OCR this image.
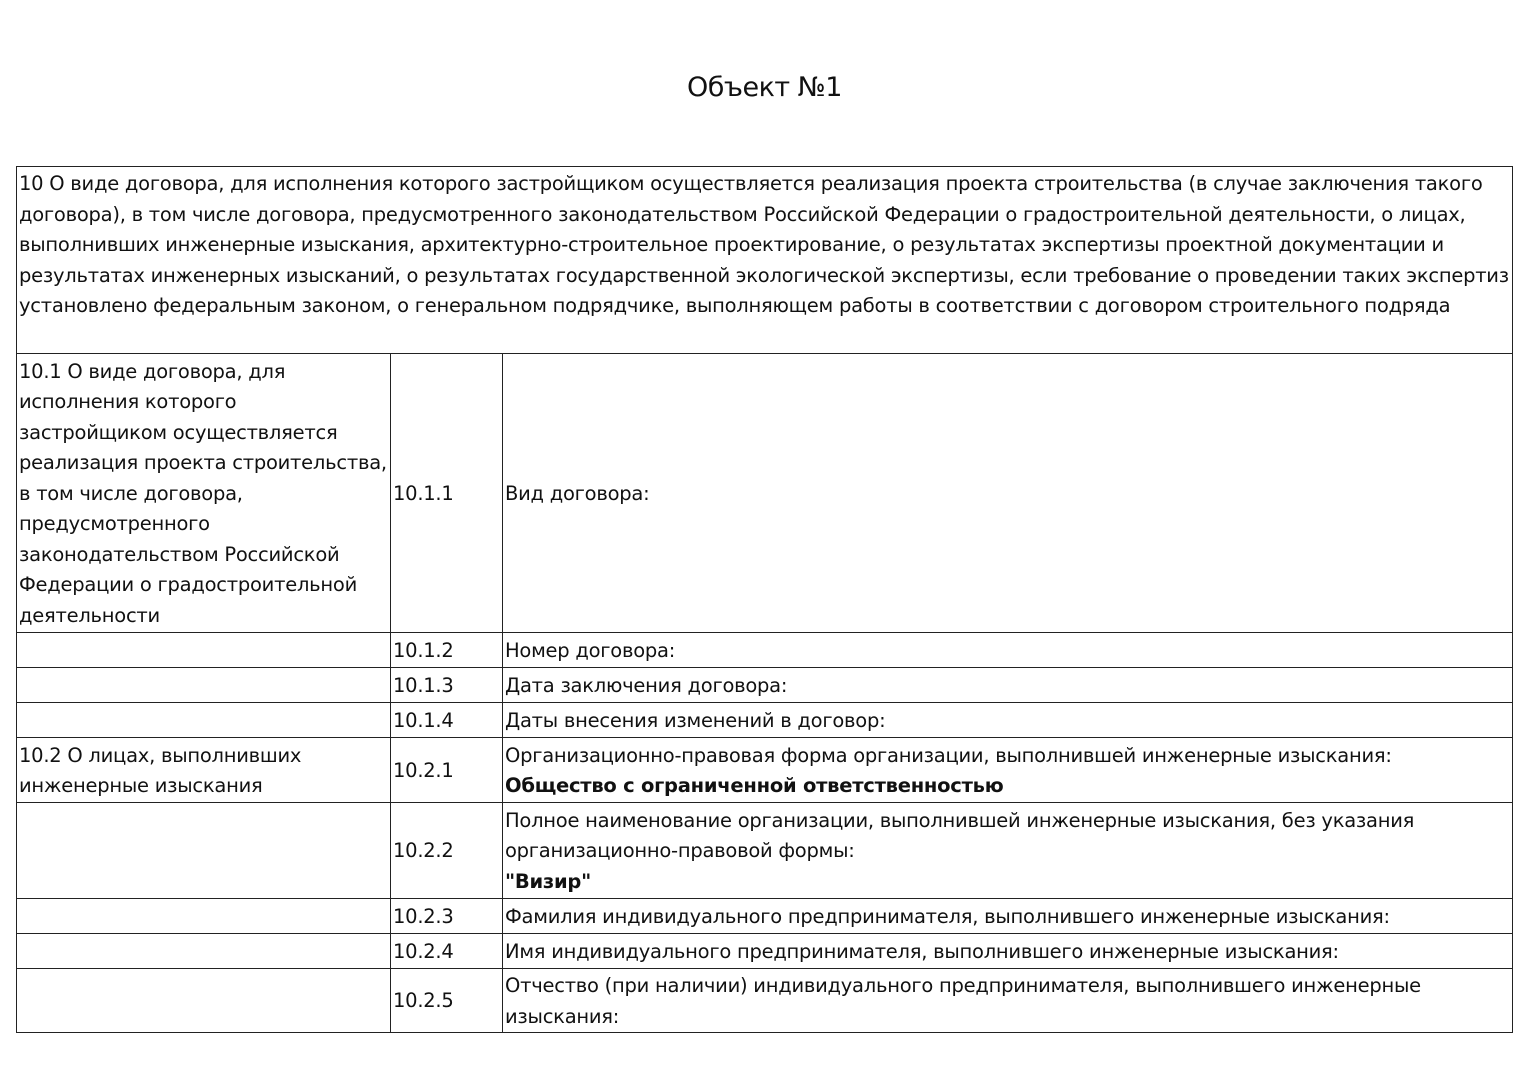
Объект №1
10 О виде договора, для исполнения которого застройщиком осуществляется реализация проекта строительства (в случае заключения такого договора), в том числе договора, предусмотренного законодательством Российской Федерации о градостроительной деятельности, о лицах, выполнивших инженерные изыскания, архитектурно-строительное проектирование, о результатах экспертизы проектной документации и результатах инженерных изысканий, о результатах государственной экологической экспертизы, если требование о проведении таких экспертиз установлено федеральным законом, о генеральном подрядчике, выполняющем работы в соответствии с договором строительного подряда		
10.1 О виде договора, для исполнения которого застройщиком осуществляется реализация проекта строительства, в том числе договора, предусмотренного законодательством Российской Федерации о градостроительной деятельности	10.1.1	Вид договора:
	10.1.2	Номер договора:
	10.1.3	Дата заключения договора:
	10.1.4	Даты внесения изменений в договор:
10.2 О лицах, выполнивших инженерные изыскания	10.2.1	Организационно-правовая форма организации, выполнившей инженерные изыскания:
Общество с ограниченной ответственностью
	10.2.2	Полное наименование организации, выполнившей инженерные изыскания, без указания организационно-правовой формы:
"Визир"
	10.2.3	Фамилия индивидуального предпринимателя, выполнившего инженерные изыскания:
	10.2.4	Имя индивидуального предпринимателя, выполнившего инженерные изыскания:
	10.2.5	Отчество (при наличии) индивидуального предпринимателя, выполнившего инженерные изыскания:
